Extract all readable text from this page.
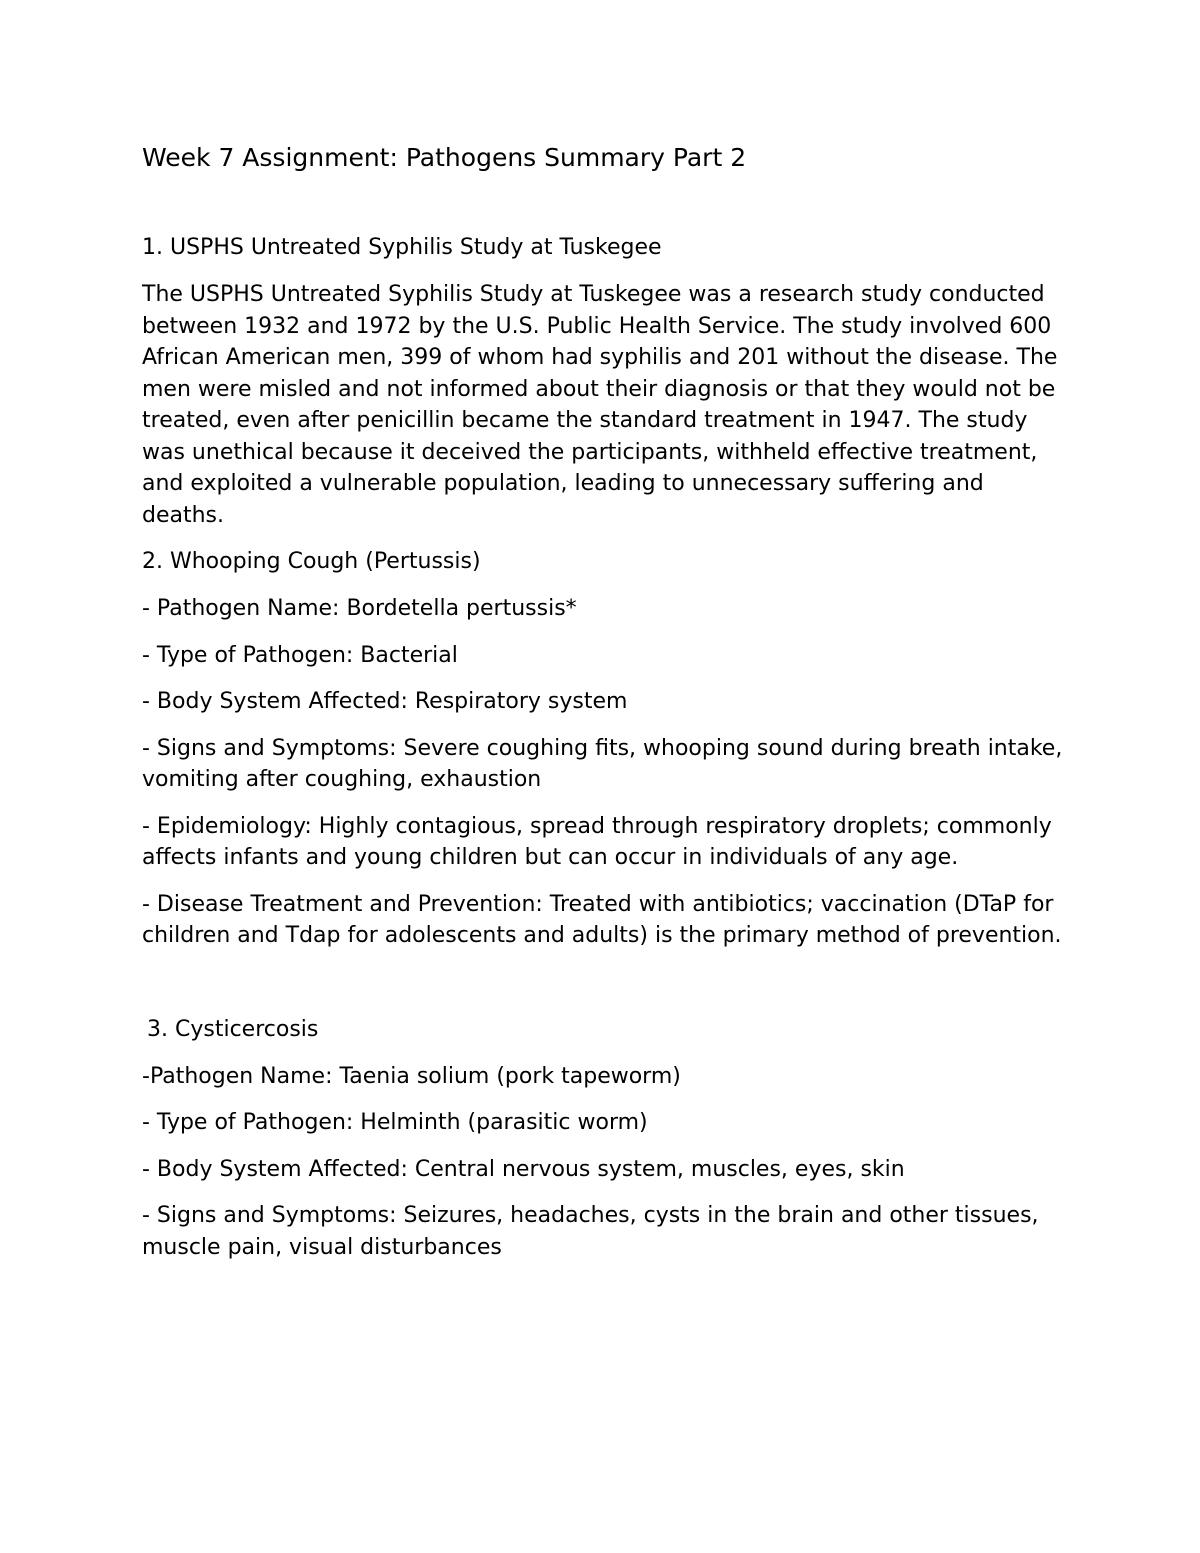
Week 7 Assignment: Pathogens Summary Part 2

1. USPHS Untreated Syphilis Study at Tuskegee

The USPHS Untreated Syphilis Study at Tuskegee was a research study conducted between 1932 and 1972 by the U.S. Public Health Service. The study involved 600 African American men, 399 of whom had syphilis and 201 without the disease. The men were misled and not informed about their diagnosis or that they would not be treated, even after penicillin became the standard treatment in 1947. The study was unethical because it deceived the participants, withheld effective treatment, and exploited a vulnerable population, leading to unnecessary suffering and deaths.

2. Whooping Cough (Pertussis)

- Pathogen Name: Bordetella pertussis*

- Type of Pathogen: Bacterial

- Body System Affected: Respiratory system

- Signs and Symptoms: Severe coughing fits, whooping sound during breath intake, vomiting after coughing, exhaustion

- Epidemiology: Highly contagious, spread through respiratory droplets; commonly affects infants and young children but can occur in individuals of any age.

- Disease Treatment and Prevention: Treated with antibiotics; vaccination (DTaP for children and Tdap for adolescents and adults) is the primary method of prevention.

3. Cysticercosis

-Pathogen Name: Taenia solium (pork tapeworm)

- Type of Pathogen: Helminth (parasitic worm)

- Body System Affected: Central nervous system, muscles, eyes, skin

- Signs and Symptoms: Seizures, headaches, cysts in the brain and other tissues, muscle pain, visual disturbances
